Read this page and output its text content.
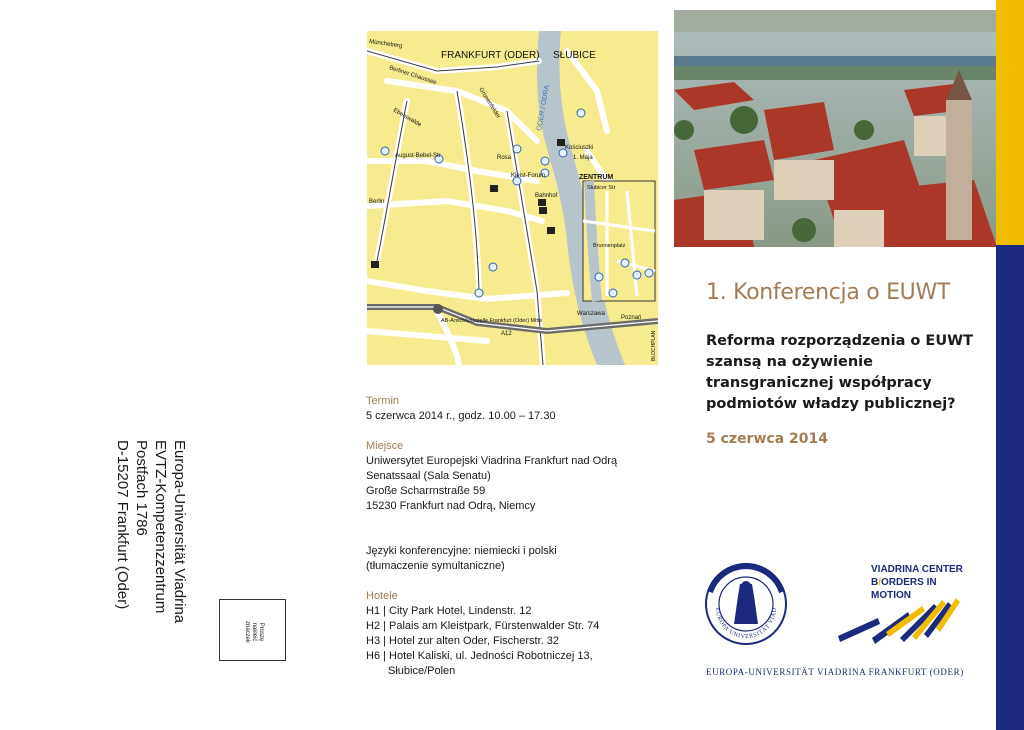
Europa-Universität Viadrina
EVTZ-Kompetenzzentrum
Postfach 1786
D-15207 Frankfurt (Oder)
Proszę
nakleić
znaczek
FRANKFURT (ODER) SŁUBICE
ZENTRUM
Müncheberg
Berliner Chaussee
Gronenfelder
Eberswalde
August-Bebel-Str	Rosa
Kleist-Forum
Kościuszki
1. Maja
Bahnhof
Berlin
AB-Anschlussstelle Frankfurt (Oder) Mitte
Warszawa
Poznań
Słubicer Str
Brunnenplatz
A12
ODER / ODRA
BLOCHPLAN
Termin
5 czerwca 2014 r., godz. 10.00 – 17.30
Miejsce
Uniwersytet Europejski Viadrina Frankfurt nad Odrą
Senatssaal (Sala Senatu)
Große Scharrnstraße 59
15230 Frankfurt nad Odrą, Niemcy
Języki konferencyjne: niemiecki i polski
(tłumaczenie symultaniczne)
Hotele
H1 | City Park Hotel, Lindenstr. 12
H2 | Palais am Kleistpark, Fürstenwalder Str. 74
H3 | Hotel zur alten Oder, Fischerstr. 32
H6 | Hotel Kaliski, ul. Jedności Robotniczej 13,
Słubice/Polen
1. Konferencja o EUWT
Reforma rozporządzenia o EUWT
szansą na ożywienie
transgranicznej współpracy
podmiotów władzy publicznej?
5 czerwca 2014
EUROPA UNIVERSITÄT VIAD
VIADRINA CENTER
B/ORDERS IN
MOTION
EUROPA-UNIVERSITÄT VIADRINA FRANKFURT (ODER)
